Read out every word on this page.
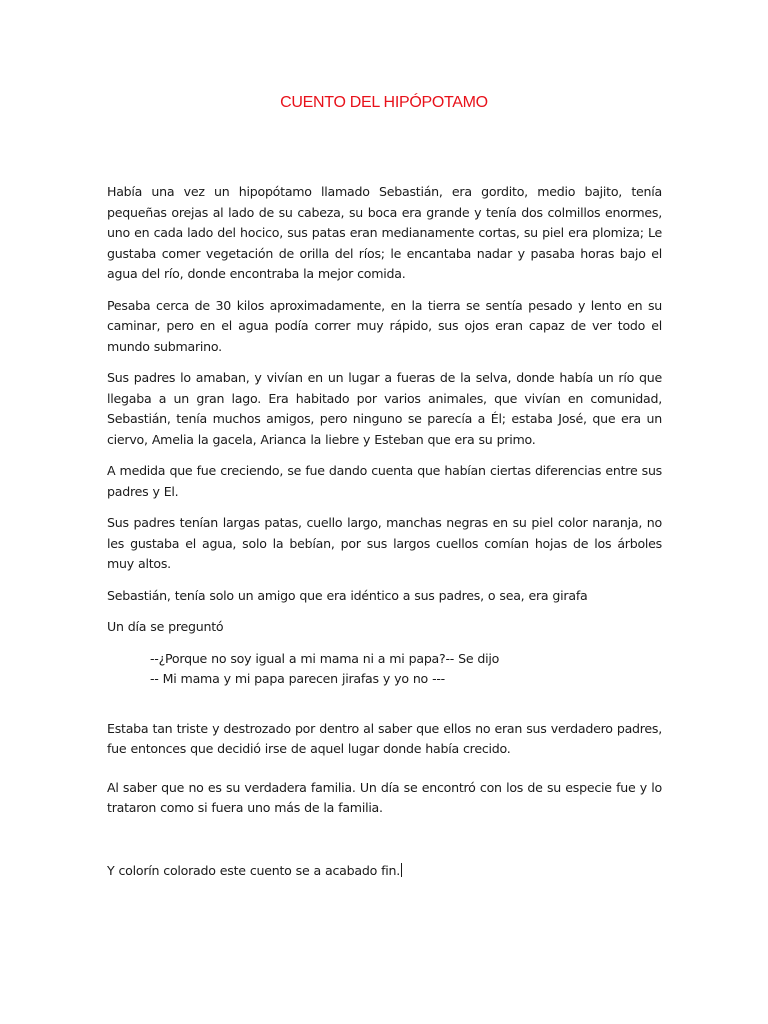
CUENTO DEL HIPÓPOTAMO

Había una vez un hipopótamo llamado Sebastián, era gordito, medio bajito, tenía pequeñas orejas al lado de su cabeza, su boca era grande y tenía dos colmillos enormes, uno en cada lado del hocico, sus patas eran medianamente cortas, su piel era plomiza; Le gustaba comer vegetación de orilla del ríos; le encantaba nadar y pasaba horas bajo el agua del río, donde encontraba la mejor comida.

Pesaba cerca de 30 kilos aproximadamente, en la tierra se sentía pesado y lento en su caminar, pero en el agua podía correr muy rápido, sus ojos eran capaz de ver todo el mundo submarino.

Sus padres lo amaban, y vivían en un lugar a fueras de la selva, donde había un río que llegaba a un gran lago. Era habitado por varios animales, que vivían en comunidad, Sebastián, tenía muchos amigos, pero ninguno se parecía a Él; estaba José, que era un ciervo, Amelia la gacela, Arianca la liebre y Esteban que era su primo.

A medida que fue creciendo, se fue dando cuenta que habían ciertas diferencias entre sus padres y El.

Sus padres tenían largas patas, cuello largo, manchas negras en su piel color naranja, no les gustaba el agua, solo la bebían, por sus largos cuellos comían hojas de los árboles muy altos.

Sebastián, tenía solo un amigo que era idéntico a sus padres, o sea, era girafa

Un día se preguntó

--¿Porque no soy igual a mi mama ni a mi papa?-- Se dijo
-- Mi mama y mi papa parecen jirafas y yo no ---

Estaba tan triste y destrozado por dentro al saber que ellos no eran sus verdadero padres, fue entonces que decidió irse de aquel lugar donde había crecido.

Al saber que no es su verdadera familia. Un día se encontró con los de su especie fue y lo trataron como si fuera uno más de la familia.

Y colorín colorado este cuento se a acabado fin.
